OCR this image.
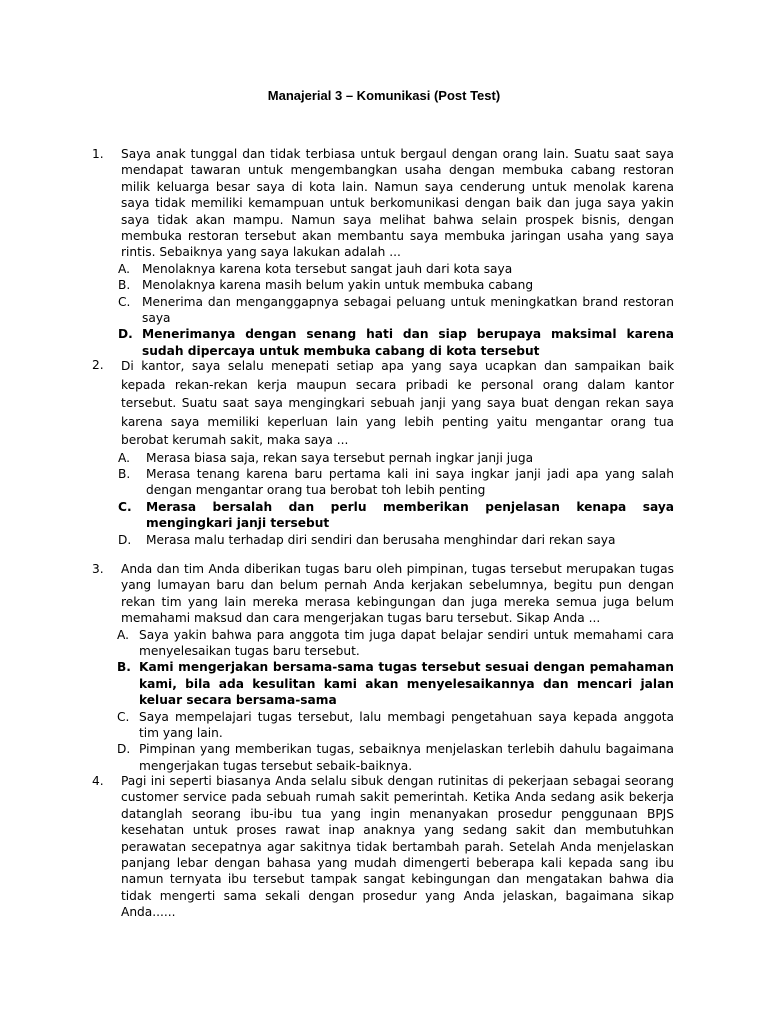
Manajerial 3 – Komunikasi (Post Test)
1.	Saya anak tunggal dan tidak terbiasa untuk bergaul dengan orang lain. Suatu saat saya mendapat tawaran untuk mengembangkan usaha dengan membuka cabang restoran milik keluarga besar saya di kota lain. Namun saya cenderung untuk menolak karena saya tidak memiliki kemampuan untuk berkomunikasi dengan baik dan juga saya yakin saya tidak akan mampu. Namun saya melihat bahwa selain prospek bisnis, dengan membuka restoran tersebut akan membantu saya membuka jaringan usaha yang saya rintis. Sebaiknya yang saya lakukan adalah ...
A. Menolaknya karena kota tersebut sangat jauh dari kota saya
B. Menolaknya karena masih belum yakin untuk membuka cabang
C. Menerima dan menganggapnya sebagai peluang untuk meningkatkan brand restoran saya
D. Menerimanya dengan senang hati dan siap berupaya maksimal karena sudah dipercaya untuk membuka cabang di kota tersebut
2.	Di kantor, saya selalu menepati setiap apa yang saya ucapkan dan sampaikan baik kepada rekan-rekan kerja maupun secara pribadi ke personal orang dalam kantor tersebut. Suatu saat saya mengingkari sebuah janji yang saya buat dengan rekan saya karena saya memiliki keperluan lain yang lebih penting yaitu mengantar orang tua berobat kerumah sakit, maka saya ...
A.	Merasa biasa saja, rekan saya tersebut pernah ingkar janji juga
B.	Merasa tenang karena baru pertama kali ini saya ingkar janji jadi apa yang salah dengan mengantar orang tua berobat toh lebih penting
C.	Merasa bersalah dan perlu memberikan penjelasan kenapa saya mengingkari janji tersebut
D.	Merasa malu terhadap diri sendiri dan berusaha menghindar dari rekan saya
3.	Anda dan tim Anda diberikan tugas baru oleh pimpinan, tugas tersebut merupakan tugas yang lumayan baru dan belum pernah Anda kerjakan sebelumnya, begitu pun dengan rekan tim yang lain mereka merasa kebingungan dan juga mereka semua juga belum memahami maksud dan cara mengerjakan tugas baru tersebut. Sikap Anda ...
A. Saya yakin bahwa para anggota tim juga dapat belajar sendiri untuk memahami cara menyelesaikan tugas baru tersebut.
B. Kami mengerjakan bersama-sama tugas tersebut sesuai dengan pemahaman kami, bila ada kesulitan kami akan menyelesaikannya dan mencari jalan keluar secara bersama-sama
C. Saya mempelajari tugas tersebut, lalu membagi pengetahuan saya kepada anggota tim yang lain.
D. Pimpinan yang memberikan tugas, sebaiknya menjelaskan terlebih dahulu bagaimana mengerjakan tugas tersebut sebaik-baiknya.
4.	Pagi ini seperti biasanya Anda selalu sibuk dengan rutinitas di pekerjaan sebagai seorang customer service pada sebuah rumah sakit pemerintah. Ketika Anda sedang asik bekerja datanglah seorang ibu-ibu tua yang ingin menanyakan prosedur penggunaan BPJS kesehatan untuk proses rawat inap anaknya yang sedang sakit dan membutuhkan perawatan secepatnya agar sakitnya tidak bertambah parah. Setelah Anda menjelaskan panjang lebar dengan bahasa yang mudah dimengerti beberapa kali kepada sang ibu namun ternyata ibu tersebut tampak sangat kebingungan dan mengatakan bahwa dia tidak mengerti sama sekali dengan prosedur yang Anda jelaskan, bagaimana sikap Anda......
